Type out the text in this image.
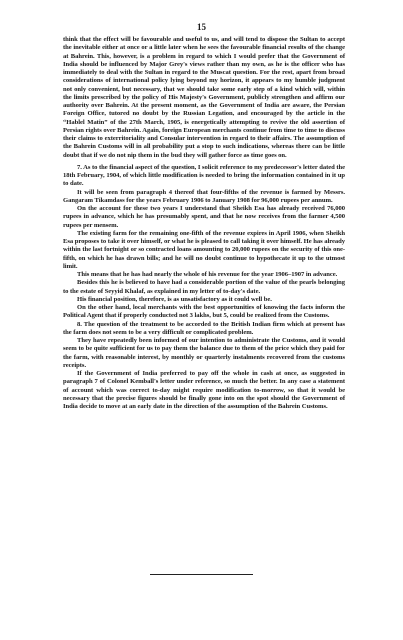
15

think that the effect will be favourable and useful to us, and will tend to dispose the Sultan to accept the inevitable either at once or a little later when he sees the favourable financial results of the change at Bahrein. This, however, is a problem in regard to which I would prefer that the Government of India should be influenced by Major Grey's views rather than my own, as he is the officer who has immediately to deal with the Sultan in regard to the Muscat question. For the rest, apart from broad considerations of international policy lying beyond my horizon, it appears to my humble judgment not only convenient, but necessary, that we should take some early step of a kind which will, within the limits prescribed by the policy of His Majesty's Government, publicly strengthen and affirm our authority over Bahrein. At the present moment, as the Government of India are aware, the Persian Foreign Office, tutored no doubt by the Russian Legation, and encouraged by the article in the “Hablel Matin” of the 27th March, 1905, is energetically attempting to revive the old assertion of Persian rights over Bahrein. Again, foreign European merchants continue from time to time to discuss their claims to exterritoriality and Consular intervention in regard to their affairs. The assumption of the Bahrein Customs will in all probability put a stop to such indications, whereas there can be little doubt that if we do not nip them in the bud they will gather force as time goes on.

7. As to the financial aspect of the question, I solicit reference to my predecessor's letter dated the 18th February, 1904, of which little modification is needed to bring the information contained in it up to date.

It will be seen from paragraph 4 thereof that four-fifths of the revenue is farmed by Messrs. Gangaram Tikamdass for the years February 1906 to January 1908 for 96,000 rupees per annum.

On the account for these two years I understand that Sheikh Esa has already received 76,000 rupees in advance, which he has presumably spent, and that he now receives from the farmer 4,500 rupees per mensem.

The existing farm for the remaining one-fifth of the revenue expires in April 1906, when Sheikh Esa proposes to take it over himself, or what he is pleased to call taking it over himself. He has already within the last fortnight or so contracted loans amounting to 20,000 rupees on the security of this one-fifth, on which he has drawn bills; and he will no doubt continue to hypothecate it up to the utmost limit.

This means that he has had nearly the whole of his revenue for the year 1906–1907 in advance.

Besides this he is believed to have had a considerable portion of the value of the pearls belonging to the estate of Seyyid Khalaf, as explained in my letter of to-day's date.

His financial position, therefore, is as unsatisfactory as it could well be.

On the other hand, local merchants with the best opportunities of knowing the facts inform the Political Agent that if properly conducted not 3 lakhs, but 5, could be realized from the Customs.

8. The question of the treatment to be accorded to the British Indian firm which at present has the farm does not seem to be a very difficult or complicated problem.

They have repeatedly been informed of our intention to administrate the Customs, and it would seem to be quite sufficient for us to pay them the balance due to them of the price which they paid for the farm, with reasonable interest, by monthly or quarterly instalments recovered from the customs receipts.

If the Government of India preferred to pay off the whole in cash at once, as suggested in paragraph 7 of Colonel Kemball's letter under reference, so much the better. In any case a statement of account which was correct to-day might require modification to-morrow, so that it would be necessary that the precise figures should be finally gone into on the spot should the Government of India decide to move at an early date in the direction of the assumption of the Bahrein Customs.
